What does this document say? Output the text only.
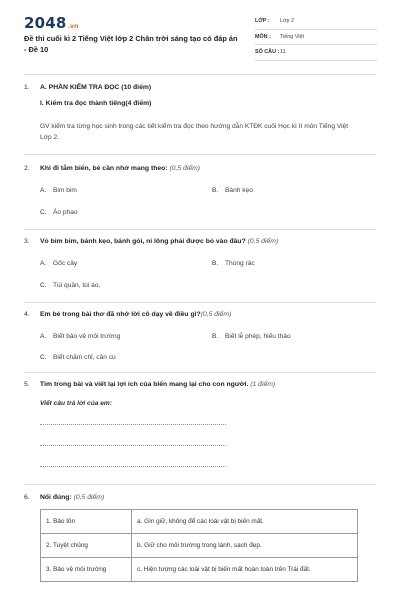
2048.vn
Đề thi cuối kì 2 Tiếng Việt lớp 2 Chân trời sáng tạo có đáp án - Đề 10
LỚP : Lớp 2
MÔN : Tiếng Việt
SỐ CÂU : 11
1. A. PHẦN KIỂM TRA ĐỌC (10 điểm)
I. Kiểm tra đọc thành tiếng(4 điểm)
GV kiểm tra từng học sinh trong các tiết kiểm tra đọc theo hướng dẫn KTĐK cuối Học kì II môn Tiếng Việt Lớp 2.
2. Khi đi tắm biển, bé cần nhớ mang theo: (0,5 điểm)
A. Bim bim	B. Bánh kẹo
C. Áo phao
3. Vỏ bim bim, bánh kẹo, bánh gói, ni lông phải được bỏ vào đâu? (0,5 điểm)
A. Gốc cây	B. Thùng rác
C. Túi quần, túi áo.
4. Em bé trong bài thơ đã nhớ lời cô dạy về điều gì?(0,5 điểm)
A. Biết bảo vệ môi trường	B. Biết lễ phép, hiếu thảo
C. Biết chăm chỉ, cần cù
5. Tìm trong bài và viết lại lợi ích của biển mang lại cho con người. (1 điểm)
Viết câu trả lời của em:
6. Nối đúng: (0,5 điểm)
1. Bảo tồn	a. Gìn giữ, không để các loài vật bị biến mất.
2. Tuyệt chủng	b. Giữ cho môi trường trong lành, sạch đẹp.
3. Bảo vệ môi trường	c. Hiện tượng các loài vật bị biến mất hoàn toàn trên Trái đất.
